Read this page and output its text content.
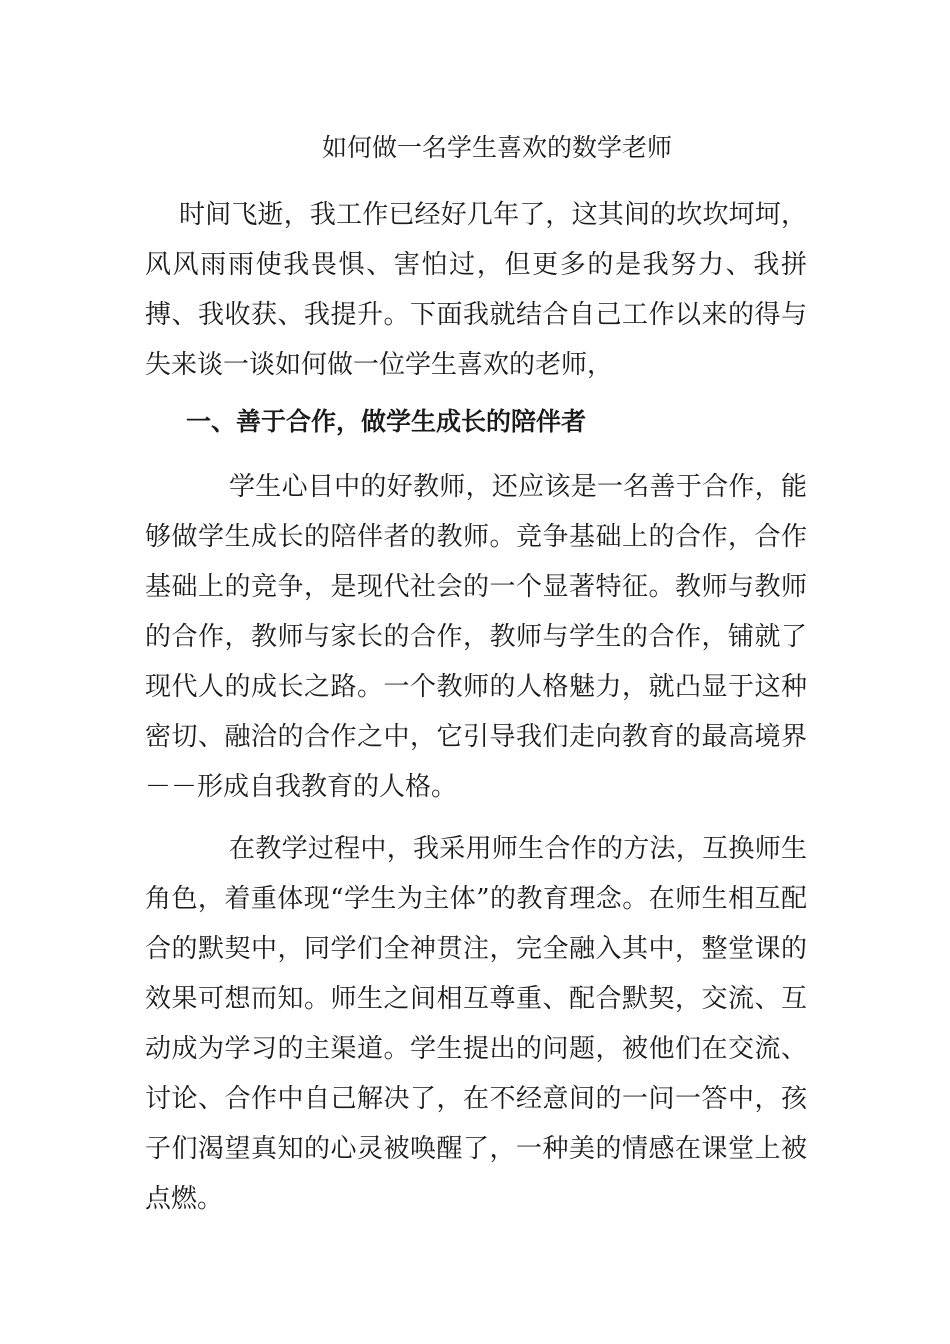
如何做一名学生喜欢的数学老师

时间飞逝，我工作已经好几年了，这其间的坎坎坷坷，风风雨雨使我畏惧、害怕过，但更多的是我努力、我拼搏、我收获、我提升。下面我就结合自己工作以来的得与失来谈一谈如何做一位学生喜欢的老师，

一、善于合作，做学生成长的陪伴者

学生心目中的好教师，还应该是一名善于合作，能够做学生成长的陪伴者的教师。竞争基础上的合作，合作基础上的竞争，是现代社会的一个显著特征。教师与教师的合作，教师与家长的合作，教师与学生的合作，铺就了现代人的成长之路。一个教师的人格魅力，就凸显于这种密切、融洽的合作之中，它引导我们走向教育的最高境界－－形成自我教育的人格。

在教学过程中，我采用师生合作的方法，互换师生角色，着重体现“学生为主体”的教育理念。在师生相互配合的默契中，同学们全神贯注，完全融入其中，整堂课的效果可想而知。师生之间相互尊重、配合默契，交流、互动成为学习的主渠道。学生提出的问题，被他们在交流、讨论、合作中自己解决了，在不经意间的一问一答中，孩子们渴望真知的心灵被唤醒了，一种美的情感在课堂上被点燃。
